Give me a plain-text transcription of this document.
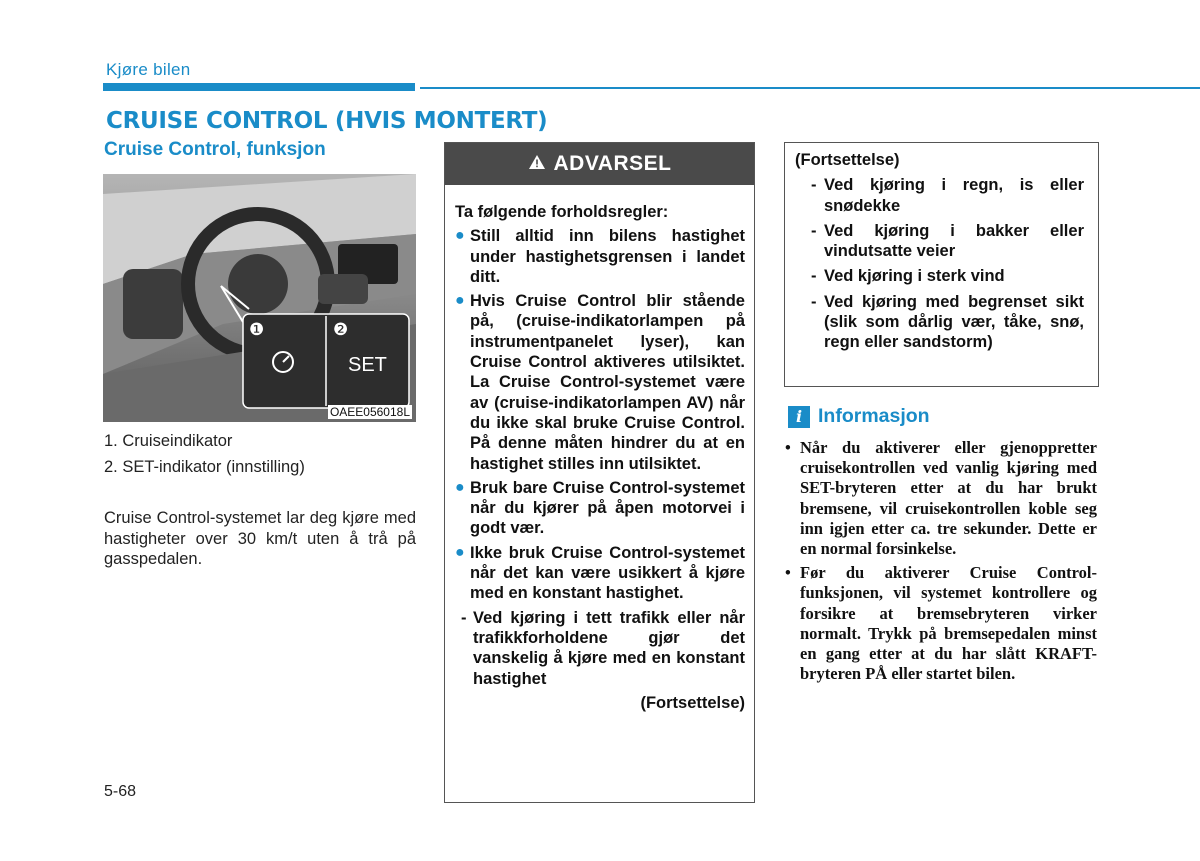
Kjøre bilen
CRUISE CONTROL (HVIS MONTERT)
Cruise Control, funksjon
❶	❷
SET
OAEE056018L
1. Cruiseindikator
2. SET-indikator (innstilling)
Cruise Control-systemet lar deg kjøre med hastigheter over 30 km/t uten å trå på gasspedalen.
5-68
ADVARSEL
Ta følgende forholdsregler:
● Still alltid inn bilens hastighet under hastighetsgrensen i landet ditt.
● Hvis Cruise Control blir stående på, (cruise-indikatorlampen på instrumentpanelet lyser), kan Cruise Control aktiveres utilsiktet. La Cruise Control-systemet være av (cruise-indikatorlampen AV) når du ikke skal bruke Cruise Control. På denne måten hindrer du at en hastighet stilles inn utilsiktet.
● Bruk bare Cruise Control-systemet når du kjører på åpen motorvei i godt vær.
● Ikke bruk Cruise Control-systemet når det kan være usikkert å kjøre med en konstant hastighet.
- Ved kjøring i tett trafikk eller når trafikkforholdene gjør det vanskelig å kjøre med en konstant hastighet
(Fortsettelse)
(Fortsettelse)
- Ved kjøring i regn, is eller snødekke
- Ved kjøring i bakker eller vindutsatte veier
- Ved kjøring i sterk vind
- Ved kjøring med begrenset sikt (slik som dårlig vær, tåke, snø, regn eller sandstorm)
i Informasjon
• Når du aktiverer eller gjenoppretter cruisekontrollen ved vanlig kjøring med SET-bryteren etter at du har brukt bremsene, vil cruisekontrollen koble seg inn igjen etter ca. tre sekunder. Dette er en normal forsinkelse.
• Før du aktiverer Cruise Control-funksjonen, vil systemet kontrollere og forsikre at bremsebryteren virker normalt. Trykk på bremsepedalen minst en gang etter at du har slått KRAFT-bryteren PÅ eller startet bilen.
